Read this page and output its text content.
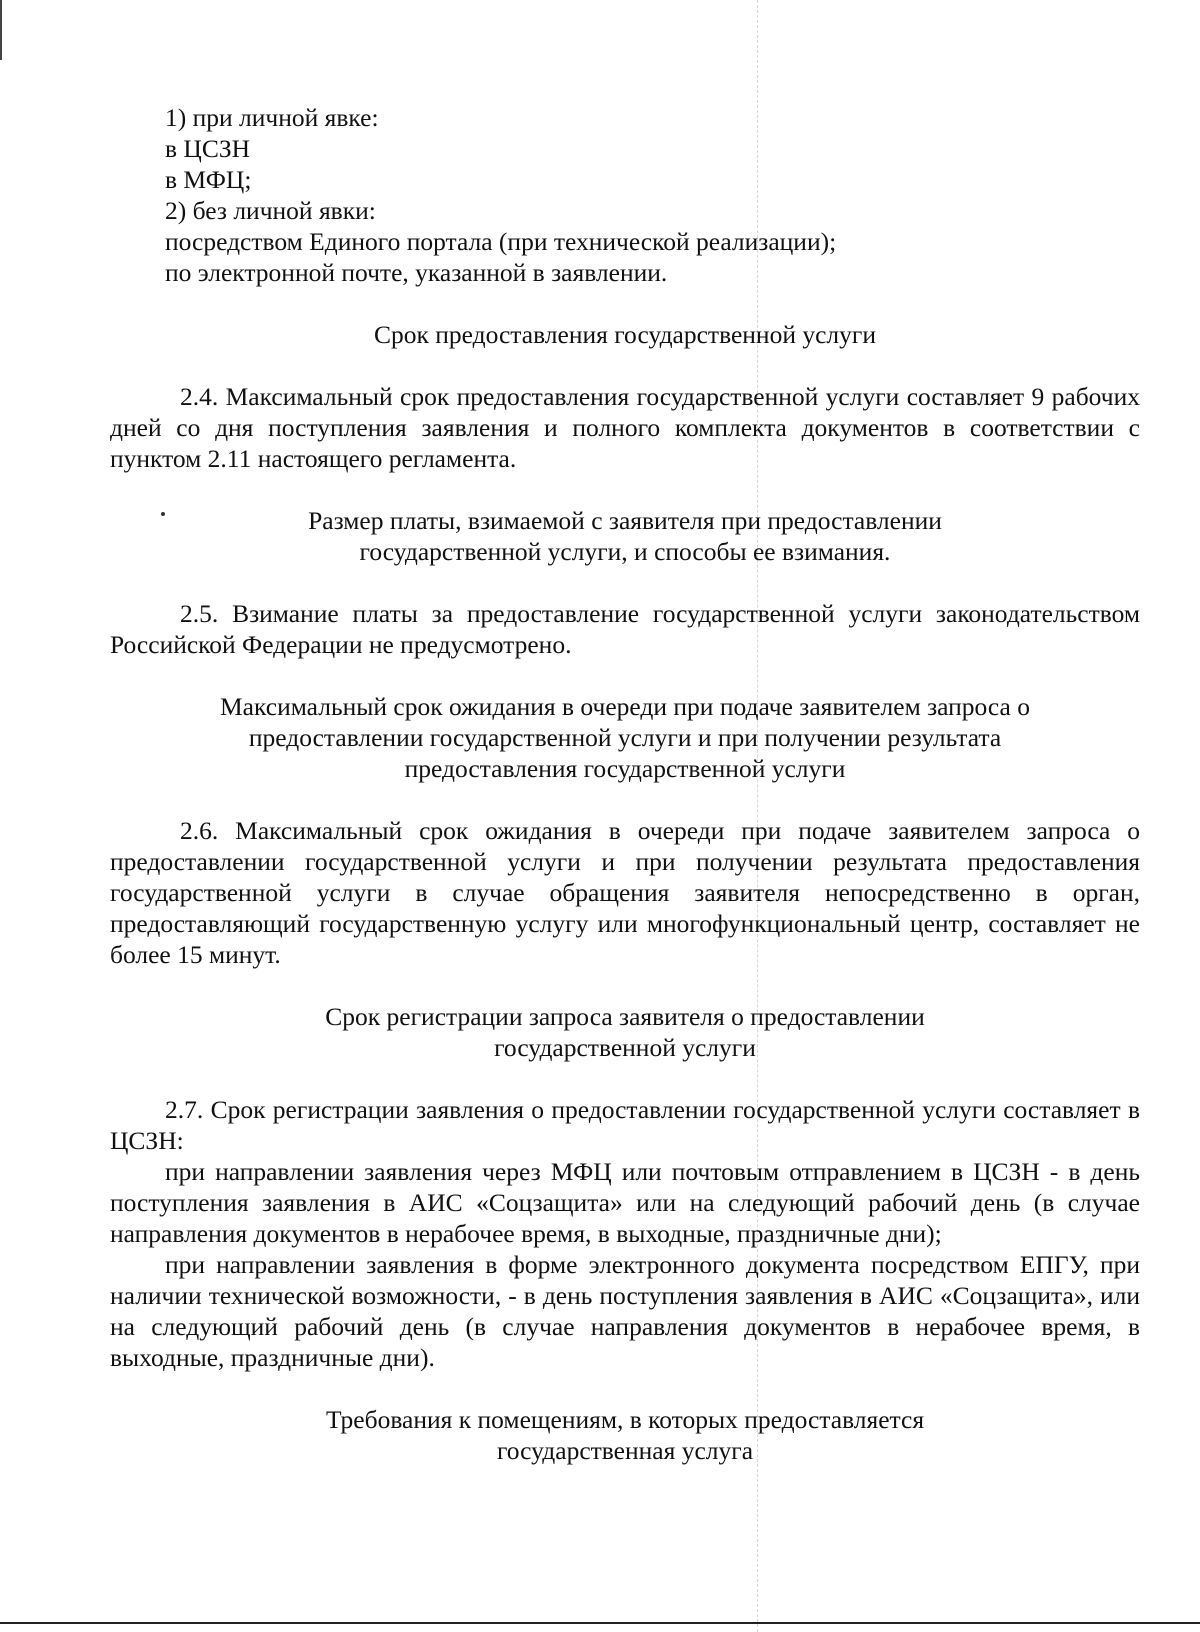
1) при личной явке:
в ЦСЗН
в МФЦ;
2) без личной явки:
посредством Единого портала (при технической реализации);
по электронной почте, указанной в заявлении.

Срок предоставления государственной услуги

2.4. Максимальный срок предоставления государственной услуги составляет 9 рабочих дней со дня поступления заявления и полного комплекта документов в соответствии с пунктом 2.11 настоящего регламента.

Размер платы, взимаемой с заявителя при предоставлении
государственной услуги, и способы ее взимания.

2.5. Взимание платы за предоставление государственной услуги законодательством Российской Федерации не предусмотрено.

Максимальный срок ожидания в очереди при подаче заявителем запроса о
предоставлении государственной услуги и при получении результата
предоставления государственной услуги

2.6. Максимальный срок ожидания в очереди при подаче заявителем запроса о предоставлении государственной услуги и при получении результата предоставления государственной услуги в случае обращения заявителя непосредственно в орган, предоставляющий государственную услугу или многофункциональный центр, составляет не более 15 минут.

Срок регистрации запроса заявителя о предоставлении
государственной услуги

2.7. Срок регистрации заявления о предоставлении государственной услуги составляет в ЦСЗН:

при направлении заявления через МФЦ или почтовым отправлением в ЦСЗН - в день поступления заявления в АИС «Соцзащита» или на следующий рабочий день (в случае направления документов в нерабочее время, в выходные, праздничные дни);

при направлении заявления в форме электронного документа посредством ЕПГУ, при наличии технической возможности, - в день поступления заявления в АИС «Соцзащита», или на следующий рабочий день (в случае направления документов в нерабочее время, в выходные, праздничные дни).

Требования к помещениям, в которых предоставляется
государственная услуга
